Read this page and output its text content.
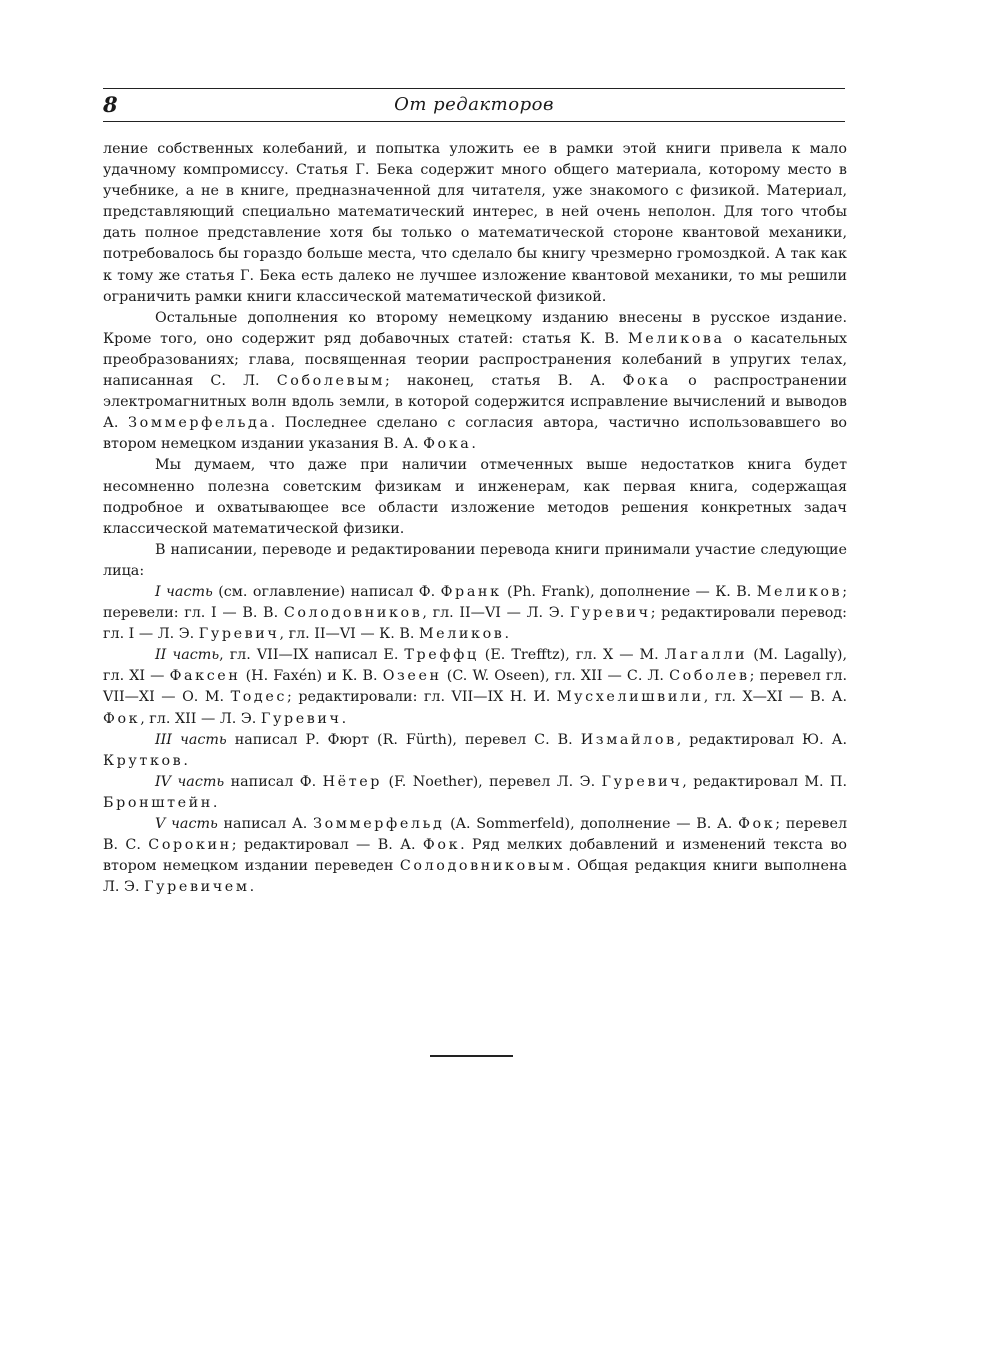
8	От редакторов

ление собственных колебаний, и попытка уложить ее в рамки этой книги привела к мало удачному компромиссу. Статья Г. Бека содержит много общего материала, которому место в учебнике, а не в книге, предназначенной для читателя, уже знакомого с физикой. Материал, представляющий специально математический интерес, в ней очень неполон. Для того чтобы дать полное представление хотя бы только о математической стороне квантовой механики, потребовалось бы гораздо больше места, что сделало бы книгу чрезмерно громоздкой. А так как к тому же статья Г. Бека есть далеко не лучшее изложение квантовой механики, то мы решили ограничить рамки книги классической математической физикой.

Остальные дополнения ко второму немецкому изданию внесены в русское издание. Кроме того, оно содержит ряд добавочных статей: статья К. В. Меликова о касательных преобразованиях; глава, посвященная теории распространения колебаний в упругих телах, написанная С. Л. Соболевым; наконец, статья В. А. Фока о распространении электромагнитных волн вдоль земли, в которой содержится исправление вычислений и выводов А. Зоммерфельда. Последнее сделано с согласия автора, частично использовавшего во втором немецком издании указания В. А. Фока.

Мы думаем, что даже при наличии отмеченных выше недостатков книга будет несомненно полезна советским физикам и инженерам, как первая книга, содержащая подробное и охватывающее все области изложение методов решения конкретных задач классической математической физики.

В написании, переводе и редактировании перевода книги принимали участие следующие лица:

I часть (см. оглавление) написал Ф. Франк (Ph. Frank), дополнение — К. В. Меликов; перевели: гл. I — В. В. Солодовников, гл. II—VI — Л. Э. Гуревич; редактировали перевод: гл. I — Л. Э. Гуревич, гл. II—VI — К. В. Меликов.

II часть, гл. VII—IX написал Е. Треффц (E. Trefftz), гл. X — М. Лагалли (M. Lagally), гл. XI — Факсен (H. Faxén) и К. В. Озеен (C. W. Oseen), гл. XII — С. Л. Соболев; перевел гл. VII—XI — О. М. Тодес; редактировали: гл. VII—IX Н. И. Мусхелишвили, гл. X—XI — В. А. Фок, гл. XII — Л. Э. Гуревич.

III часть написал Р. Фюрт (R. Fürth), перевел С. В. Измайлов, редактировал Ю. А. Крутков.

IV часть написал Ф. Нётер (F. Noether), перевел Л. Э. Гуревич, редактировал М. П. Бронштейн.

V часть написал А. Зоммерфельд (A. Sommerfeld), дополнение — В. А. Фок; перевел В. С. Сорокин; редактировал — В. А. Фок. Ряд мелких добавлений и изменений текста во втором немецком издании переведен Солодовниковым. Общая редакция книги выполнена Л. Э. Гуревичем.
